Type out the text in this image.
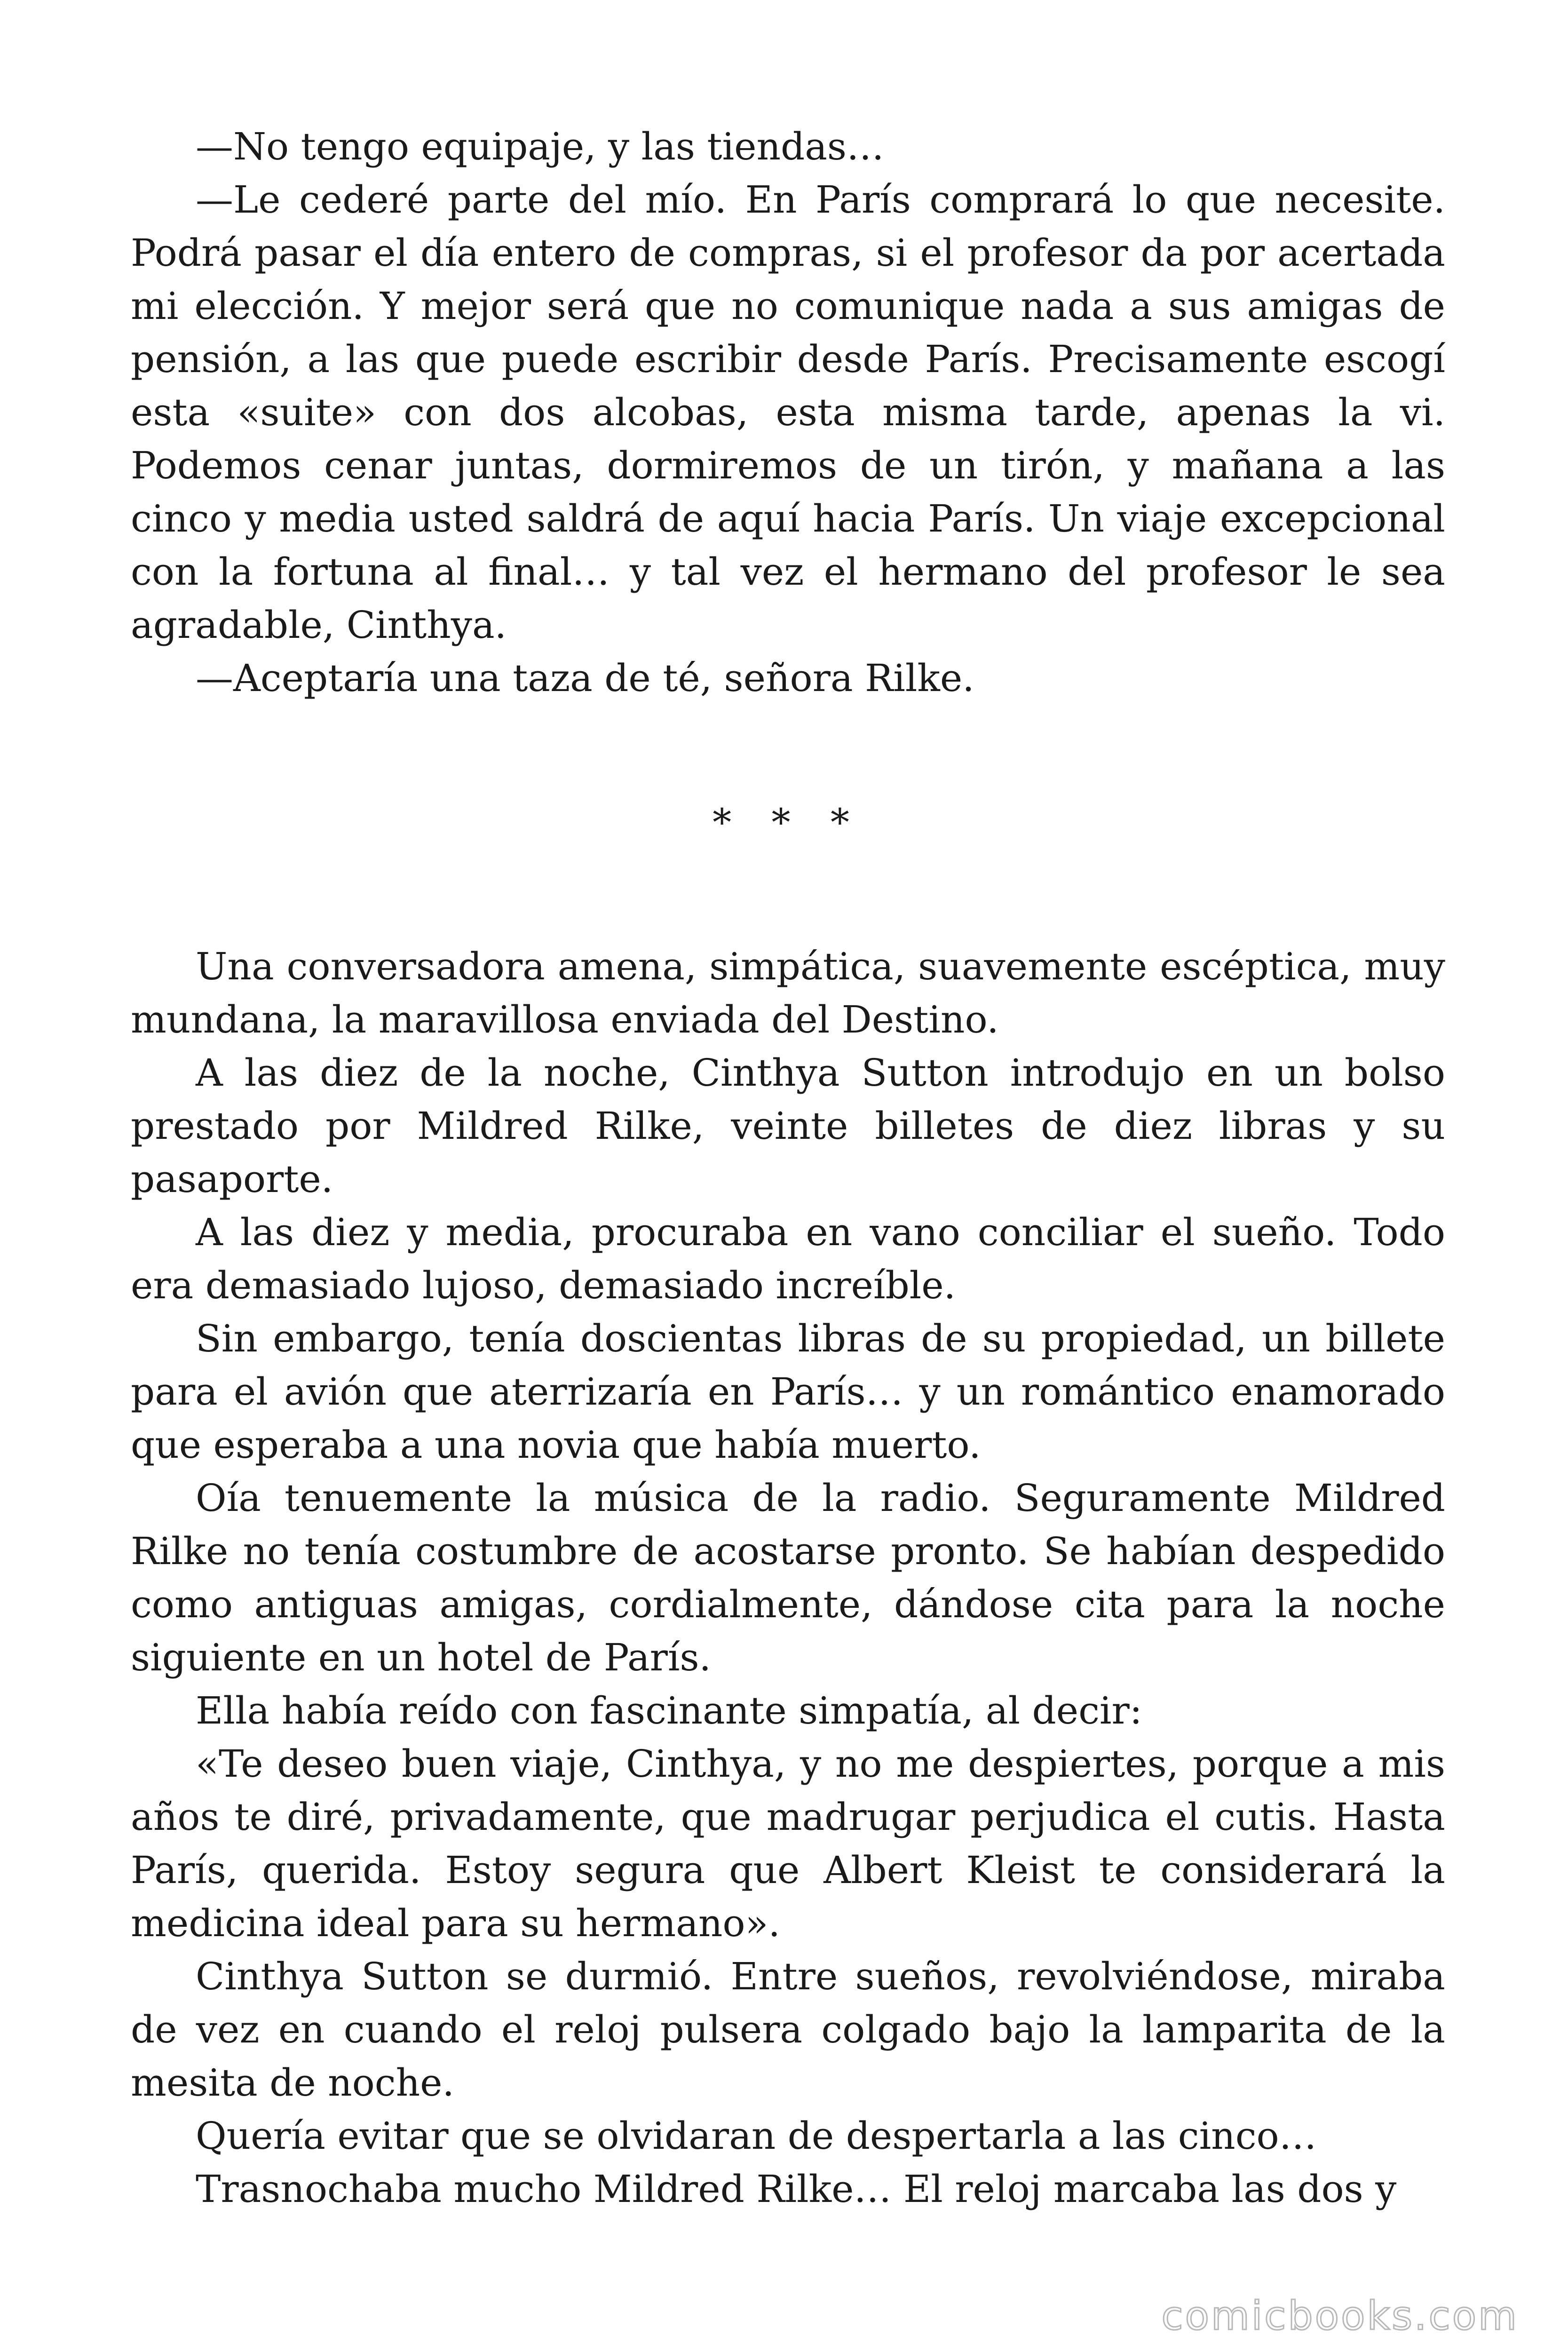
—No tengo equipaje, y las tiendas…

—Le cederé parte del mío. En París comprará lo que necesite. Podrá pasar el día entero de compras, si el profesor da por acertada mi elección. Y mejor será que no comunique nada a sus amigas de pensión, a las que puede escribir desde París. Precisamente escogí esta «suite» con dos alcobas, esta misma tarde, apenas la vi. Podemos cenar juntas, dormiremos de un tirón, y mañana a las cinco y media usted saldrá de aquí hacia París. Un viaje excepcional con la fortuna al final… y tal vez el hermano del profesor le sea agradable, Cinthya.

—Aceptaría una taza de té, señora Rilke.

* * *

Una conversadora amena, simpática, suavemente escéptica, muy mundana, la maravillosa enviada del Destino.

A las diez de la noche, Cinthya Sutton introdujo en un bolso prestado por Mildred Rilke, veinte billetes de diez libras y su pasaporte.

A las diez y media, procuraba en vano conciliar el sueño. Todo era demasiado lujoso, demasiado increíble.

Sin embargo, tenía doscientas libras de su propiedad, un billete para el avión que aterrizaría en París… y un romántico enamorado que esperaba a una novia que había muerto.

Oía tenuemente la música de la radio. Seguramente Mildred Rilke no tenía costumbre de acostarse pronto. Se habían despedido como antiguas amigas, cordialmente, dándose cita para la noche siguiente en un hotel de París.

Ella había reído con fascinante simpatía, al decir:

«Te deseo buen viaje, Cinthya, y no me despiertes, porque a mis años te diré, privadamente, que madrugar perjudica el cutis. Hasta París, querida. Estoy segura que Albert Kleist te considerará la medicina ideal para su hermano».

Cinthya Sutton se durmió. Entre sueños, revolviéndose, miraba de vez en cuando el reloj pulsera colgado bajo la lamparita de la mesita de noche.

Quería evitar que se olvidaran de despertarla a las cinco…

Trasnochaba mucho Mildred Rilke… El reloj marcaba las dos y

comicbooks.com
